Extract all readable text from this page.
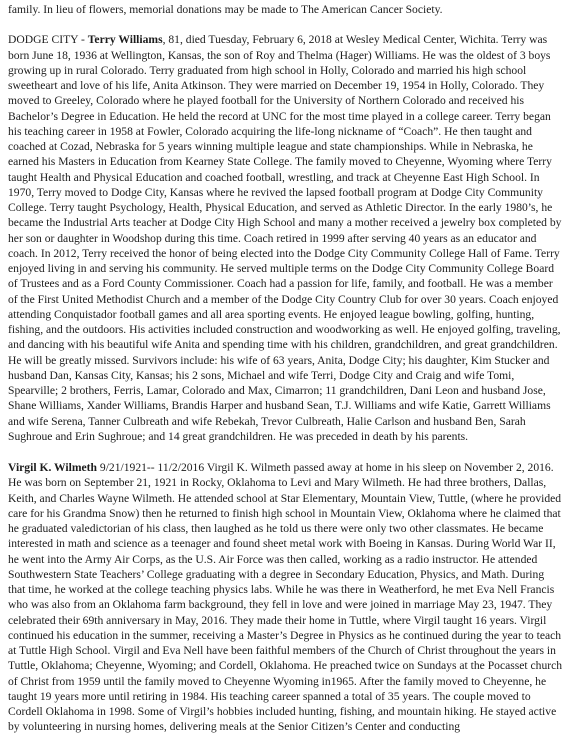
family. In lieu of flowers, memorial donations may be made to The American Cancer Society.

DODGE CITY - Terry Williams, 81, died Tuesday, February 6, 2018 at Wesley Medical Center, Wichita. Terry was born June 18, 1936 at Wellington, Kansas, the son of Roy and Thelma (Hager) Williams. He was the oldest of 3 boys growing up in rural Colorado. Terry graduated from high school in Holly, Colorado and married his high school sweetheart and love of his life, Anita Atkinson. They were married on December 19, 1954 in Holly, Colorado. They moved to Greeley, Colorado where he played football for the University of Northern Colorado and received his Bachelor’s Degree in Education. He held the record at UNC for the most time played in a college career. Terry began his teaching career in 1958 at Fowler, Colorado acquiring the life-long nickname of “Coach”. He then taught and coached at Cozad, Nebraska for 5 years winning multiple league and state championships. While in Nebraska, he earned his Masters in Education from Kearney State College. The family moved to Cheyenne, Wyoming where Terry taught Health and Physical Education and coached football, wrestling, and track at Cheyenne East High School. In 1970, Terry moved to Dodge City, Kansas where he revived the lapsed football program at Dodge City Community College. Terry taught Psychology, Health, Physical Education, and served as Athletic Director. In the early 1980’s, he became the Industrial Arts teacher at Dodge City High School and many a mother received a jewelry box completed by her son or daughter in Woodshop during this time. Coach retired in 1999 after serving 40 years as an educator and coach. In 2012, Terry received the honor of being elected into the Dodge City Community College Hall of Fame. Terry enjoyed living in and serving his community. He served multiple terms on the Dodge City Community College Board of Trustees and as a Ford County Commissioner. Coach had a passion for life, family, and football. He was a member of the First United Methodist Church and a member of the Dodge City Country Club for over 30 years. Coach enjoyed attending Conquistador football games and all area sporting events. He enjoyed league bowling, golfing, hunting, fishing, and the outdoors. His activities included construction and woodworking as well. He enjoyed golfing, traveling, and dancing with his beautiful wife Anita and spending time with his children, grandchildren, and great grandchildren. He will be greatly missed. Survivors include: his wife of 63 years, Anita, Dodge City; his daughter, Kim Stucker and husband Dan, Kansas City, Kansas; his 2 sons, Michael and wife Terri, Dodge City and Craig and wife Tomi, Spearville; 2 brothers, Ferris, Lamar, Colorado and Max, Cimarron; 11 grandchildren, Dani Leon and husband Jose, Shane Williams, Xander Williams, Brandis Harper and husband Sean, T.J. Williams and wife Katie, Garrett Williams and wife Serena, Tanner Culbreath and wife Rebekah, Trevor Culbreath, Halie Carlson and husband Ben, Sarah Sughroue and Erin Sughroue; and 14 great grandchildren. He was preceded in death by his parents.

Virgil K. Wilmeth 9/21/1921-- 11/2/2016 Virgil K. Wilmeth passed away at home in his sleep on November 2, 2016. He was born on September 21, 1921 in Rocky, Oklahoma to Levi and Mary Wilmeth. He had three brothers, Dallas, Keith, and Charles Wayne Wilmeth. He attended school at Star Elementary, Mountain View, Tuttle, (where he provided care for his Grandma Snow) then he returned to finish high school in Mountain View, Oklahoma where he claimed that he graduated valedictorian of his class, then laughed as he told us there were only two other classmates. He became interested in math and science as a teenager and found sheet metal work with Boeing in Kansas. During World War II, he went into the Army Air Corps, as the U.S. Air Force was then called, working as a radio instructor. He attended Southwestern State Teachers’ College graduating with a degree in Secondary Education, Physics, and Math. During that time, he worked at the college teaching physics labs. While he was there in Weatherford, he met Eva Nell Francis who was also from an Oklahoma farm background, they fell in love and were joined in marriage May 23, 1947. They celebrated their 69th anniversary in May, 2016. They made their home in Tuttle, where Virgil taught 16 years. Virgil continued his education in the summer, receiving a Master’s Degree in Physics as he continued during the year to teach at Tuttle High School. Virgil and Eva Nell have been faithful members of the Church of Christ throughout the years in Tuttle, Oklahoma; Cheyenne, Wyoming; and Cordell, Oklahoma. He preached twice on Sundays at the Pocasset church of Christ from 1959 until the family moved to Cheyenne Wyoming in1965. After the family moved to Cheyenne, he taught 19 years more until retiring in 1984. His teaching career spanned a total of 35 years. The couple moved to Cordell Oklahoma in 1998. Some of Virgil’s hobbies included hunting, fishing, and mountain hiking. He stayed active by volunteering in nursing homes, delivering meals at the Senior Citizen’s Center and conducting
